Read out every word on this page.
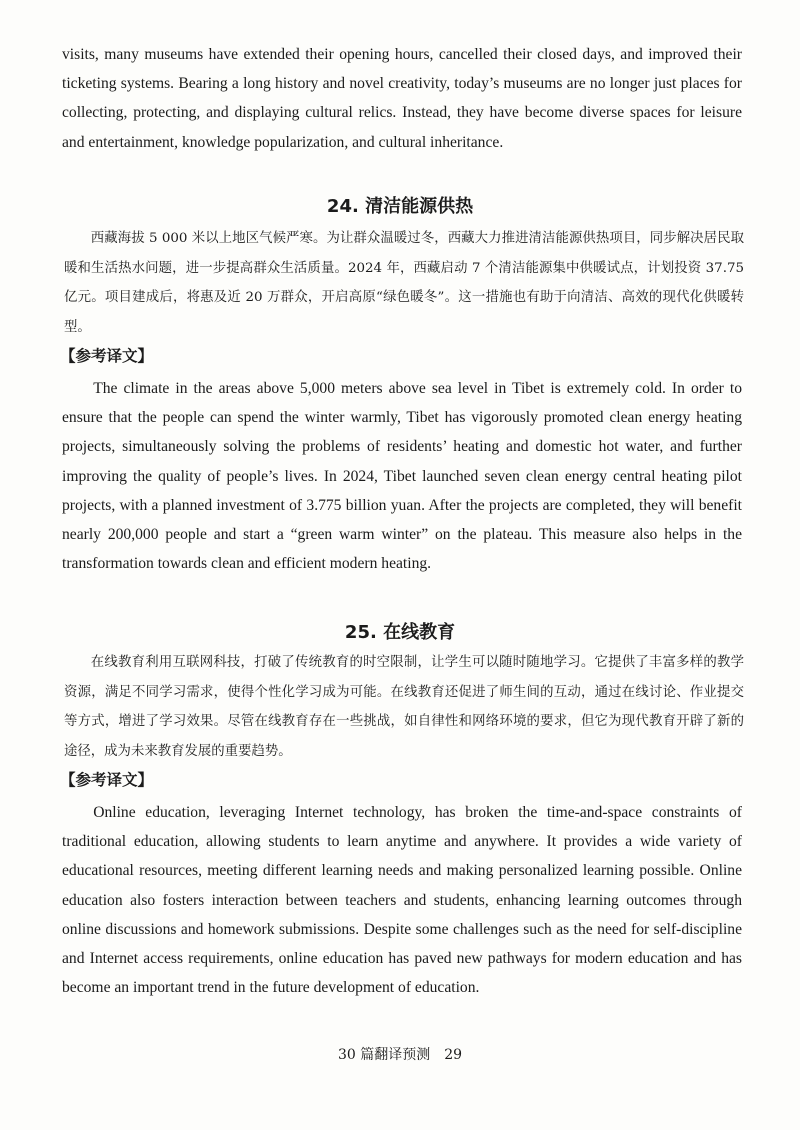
visits, many museums have extended their opening hours, cancelled their closed days, and improved their ticketing systems. Bearing a long history and novel creativity, today’s museums are no longer just places for collecting, protecting, and displaying cultural relics. Instead, they have become diverse spaces for leisure and entertainment, knowledge popularization, and cultural inheritance.

24. 清洁能源供热

西藏海拔 5 000 米以上地区气候严寒。为让群众温暖过冬，西藏大力推进清洁能源供热项目，同步解决居民取暖和生活热水问题，进一步提高群众生活质量。2024 年，西藏启动 7 个清洁能源集中供暖试点，计划投资 37.75 亿元。项目建成后，将惠及近 20 万群众，开启高原“绿色暖冬”。这一措施也有助于向清洁、高效的现代化供暖转型。

【参考译文】

The climate in the areas above 5,000 meters above sea level in Tibet is extremely cold. In order to ensure that the people can spend the winter warmly, Tibet has vigorously promoted clean energy heating projects, simultaneously solving the problems of residents’ heating and domestic hot water, and further improving the quality of people’s lives. In 2024, Tibet launched seven clean energy central heating pilot projects, with a planned investment of 3.775 billion yuan. After the projects are completed, they will benefit nearly 200,000 people and start a “green warm winter” on the plateau. This measure also helps in the transformation towards clean and efficient modern heating.

25. 在线教育

在线教育利用互联网科技，打破了传统教育的时空限制，让学生可以随时随地学习。它提供了丰富多样的教学资源，满足不同学习需求，使得个性化学习成为可能。在线教育还促进了师生间的互动，通过在线讨论、作业提交等方式，增进了学习效果。尽管在线教育存在一些挑战，如自律性和网络环境的要求，但它为现代教育开辟了新的途径，成为未来教育发展的重要趋势。

【参考译文】

Online education, leveraging Internet technology, has broken the time-and-space constraints of traditional education, allowing students to learn anytime and anywhere. It provides a wide variety of educational resources, meeting different learning needs and making personalized learning possible. Online education also fosters interaction between teachers and students, enhancing learning outcomes through online discussions and homework submissions. Despite some challenges such as the need for self-discipline and Internet access requirements, online education has paved new pathways for modern education and has become an important trend in the future development of education.

30 篇翻译预测 29
